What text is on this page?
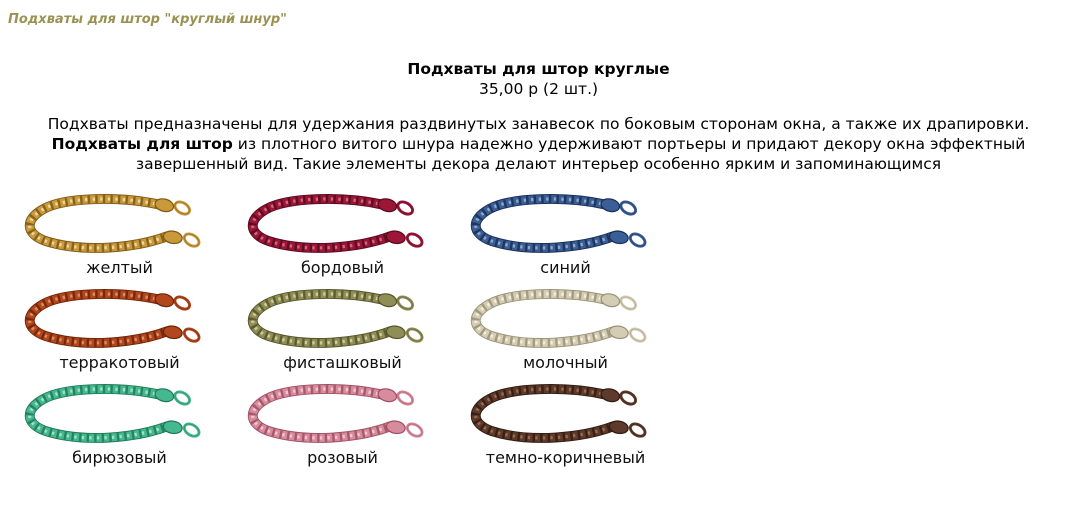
Подхваты для штор "круглый шнур"
Подхваты для штор круглые
35,00 р (2 шт.)
Подхваты предназначены для удержания раздвинутых занавесок по боковым сторонам окна, а также их драпировки.
Подхваты для штор из плотного витого шнура надежно удерживают портьеры и придают декору окна эффектный
завершенный вид. Такие элементы декора делают интерьер особенно ярким и запоминающимся
желтый	бордовый	синий
терракотовый	фисташковый	молочный
бирюзовый	розовый	темно-коричневый
